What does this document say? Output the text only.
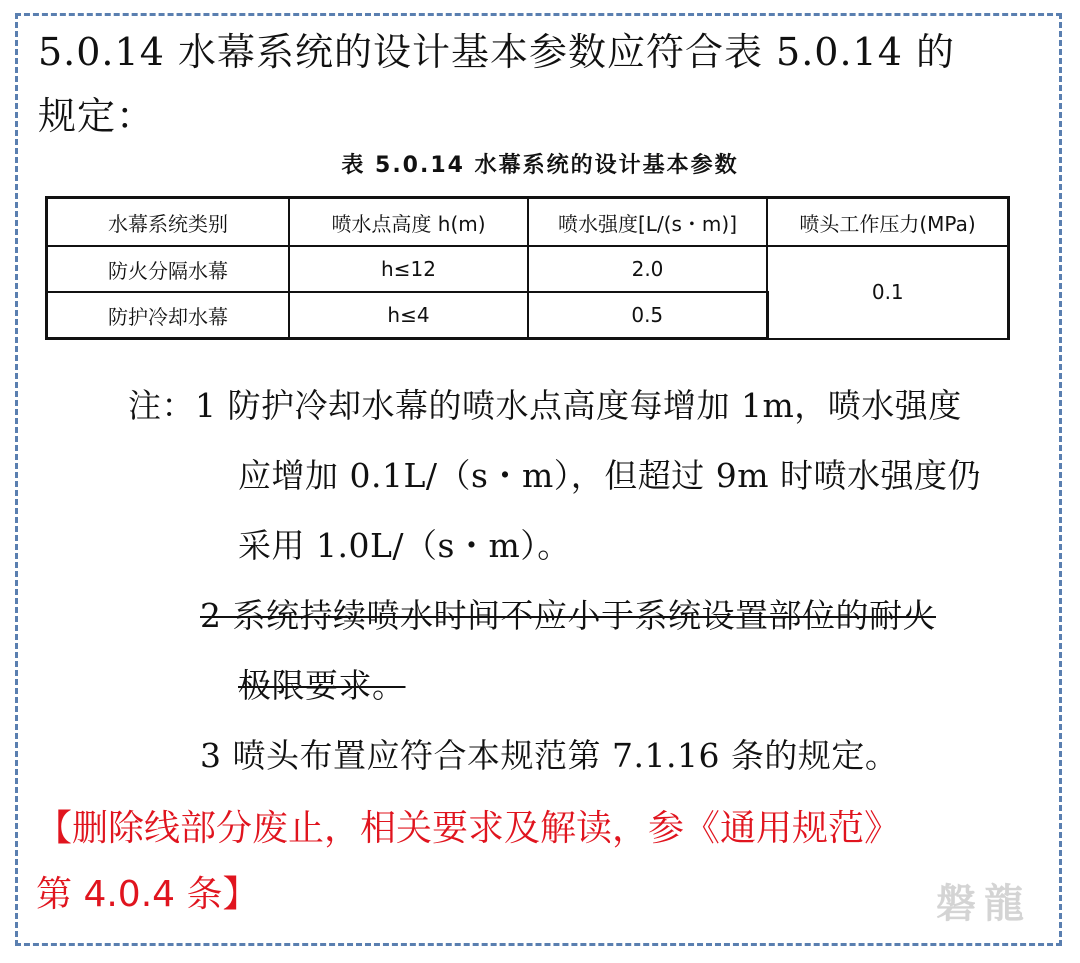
5.0.14 水幕系统的设计基本参数应符合表 5.0.14 的
规定：
表 5.0.14 水幕系统的设计基本参数
水幕系统类别	喷水点高度 h(m)	喷水强度[L/(s・m)]	喷头工作压力(MPa)
防火分隔水幕	h≤12	2.0	0.1
防护冷却水幕	h≤4	0.5	
注：1 防护冷却水幕的喷水点高度每增加 1m，喷水强度
应增加 0.1L/（s・m），但超过 9m 时喷水强度仍
采用 1.0L/（s・m）。
2 系统持续喷水时间不应小于系统设置部位的耐火
极限要求。
3 喷头布置应符合本规范第 7.1.16 条的规定。
【删除线部分废止，相关要求及解读，参《通用规范》
第 4.0.4 条】	磐龍
